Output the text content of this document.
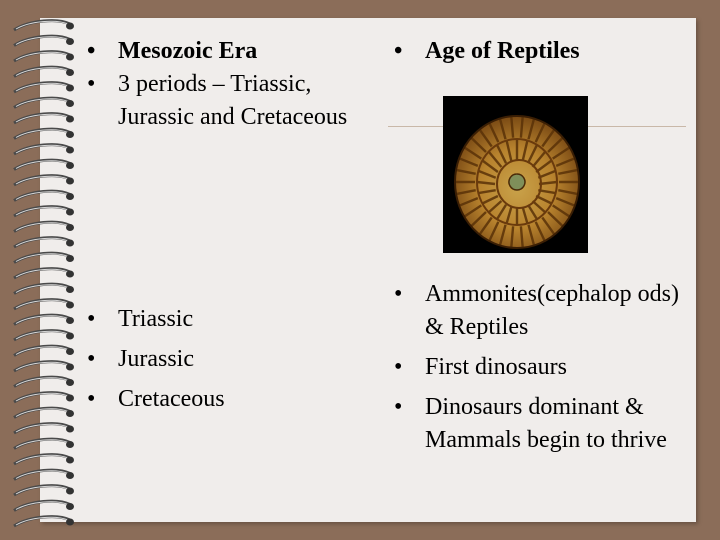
• Mesozoic Era
• 3 periods – Triassic, Jurassic and Cretaceous
• Age of Reptiles
• Triassic
• Jurassic
• Cretaceous
• Ammonites(cephalop ods) & Reptiles
• First dinosaurs
• Dinosaurs dominant & Mammals begin to thrive
